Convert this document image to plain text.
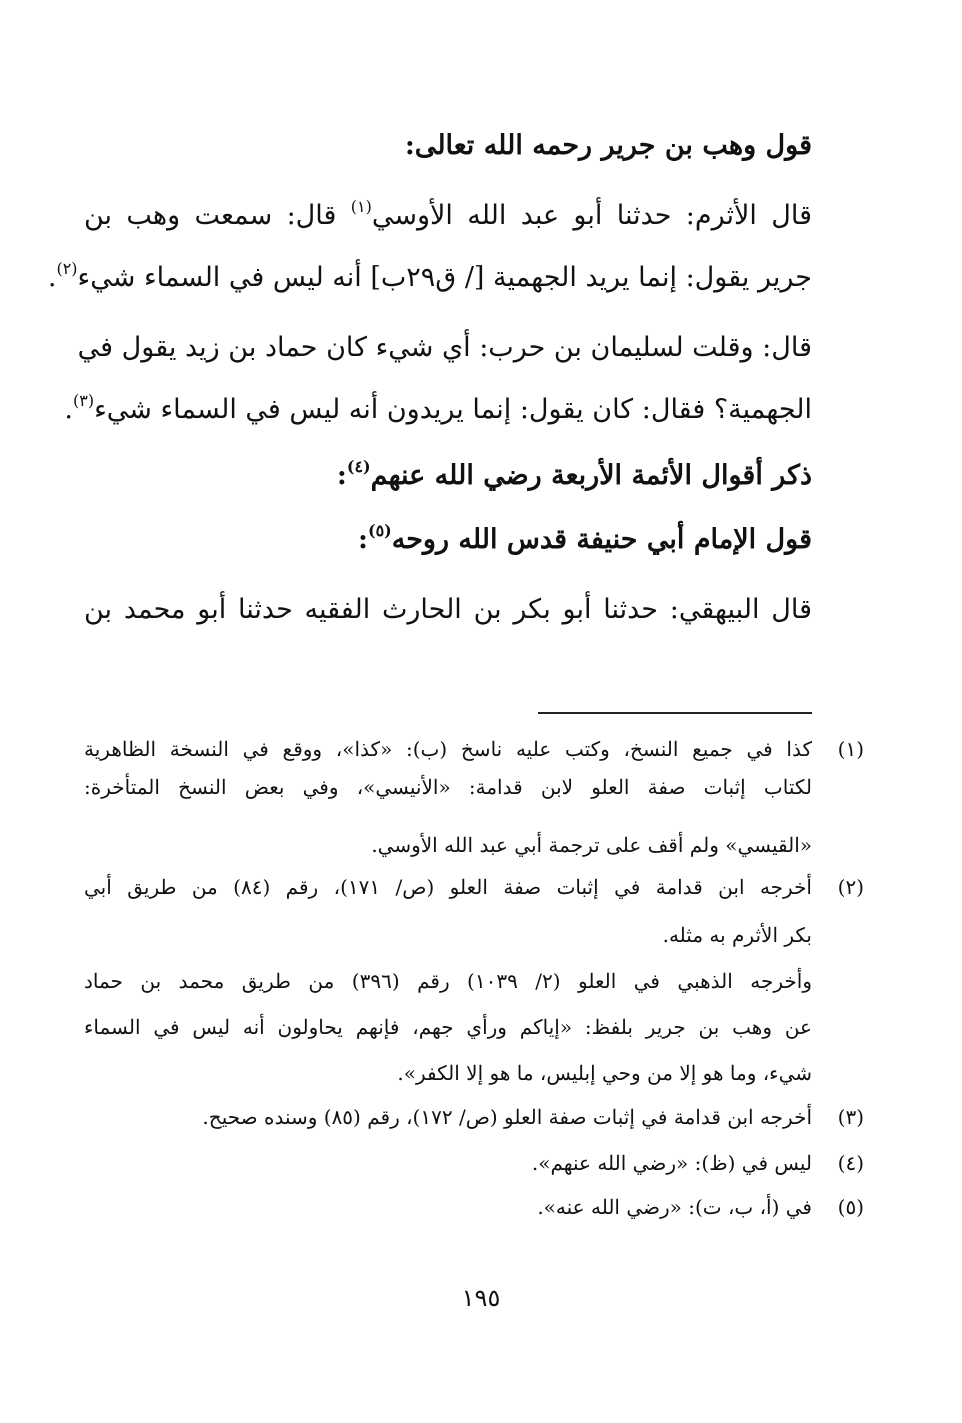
قول وهب بن جرير رحمه الله تعالى:
قال الأثرم: حدثنا أبو عبد الله الأوسي$^{(١)}$ قال: سمعت وهب بن
جرير يقول: إنما يريد الجهمية [/ ق٢٩ب] أنه ليس في السماء شيء$^{(٢)}$.
قال: وقلت لسليمان بن حرب: أي شيء كان حماد بن زيد يقول في
الجهمية؟ فقال: كان يقول: إنما يريدون أنه ليس في السماء شيء$^{(٣)}$.
ذكر أقوال الأئمة الأربعة رضي الله عنهم$^{(٤)}$:
قول الإمام أبي حنيفة قدس الله روحه$^{(٥)}$:
قال البيهقي: حدثنا أبو بكر بن الحارث الفقيه حدثنا أبو محمد بن
(١)
كذا في جميع النسخ، وكتب عليه ناسخ (ب): «كذا»، ووقع في النسخة الظاهرية
لكتاب إثبات صفة العلو لابن قدامة: «الأنيسي»، وفي بعض النسخ المتأخرة:
«القيسي» ولم أقف على ترجمة أبي عبد الله الأوسي.
(٢)
أخرجه ابن قدامة في إثبات صفة العلو (ص/ ١٧١)، رقم (٨٤) من طريق أبي
بكر الأثرم به مثله.
وأخرجه الذهبي في العلو (٢/ ١٠٣٩) رقم (٣٩٦) من طريق محمد بن حماد
عن وهب بن جرير بلفظ: «إياكم ورأي جهم، فإنهم يحاولون أنه ليس في السماء
شيء، وما هو إلا من وحي إبليس، ما هو إلا الكفر».
(٣)
أخرجه ابن قدامة في إثبات صفة العلو (ص/ ١٧٢)، رقم (٨٥) وسنده صحيح.
(٤)
ليس في (ظ): «رضي الله عنهم».
(٥)
في (أ، ب، ت): «رضي الله عنه».
١٩٥
